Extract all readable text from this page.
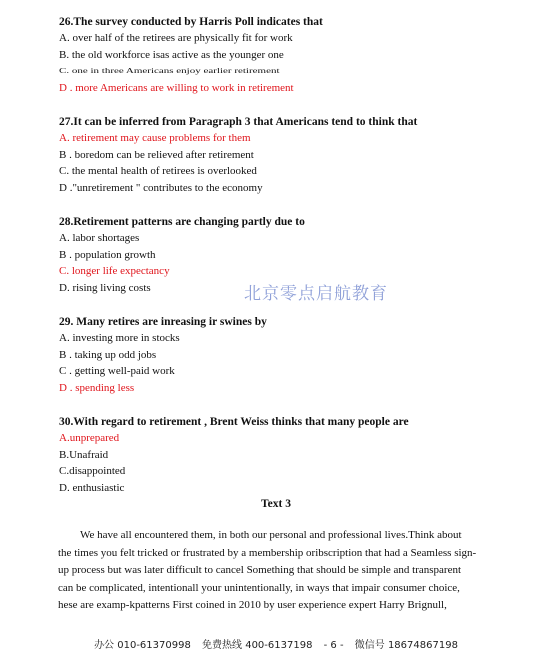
26.The survey conducted by Harris Poll indicates that
A. over half of the retirees are physically fit for work
B. the old workforce isas active as the younger one
C. one in three Americans enjoy earlier retirement
D . more Americans are willing to work in retirement
27.It can be inferred from Paragraph 3 that Americans tend to think that
A. retirement may cause problems for them
B . boredom can be relieved after retirement
C. the mental health of retirees is overlooked
D ."unretirement " contributes to the economy
28.Retirement patterns are changing partly due to
A. labor shortages
B . population growth
C. longer life expectancy
D. rising living costs	北京零点启航教育
29. Many retires are inreasing ir swines by
A. investing more in stocks
B . taking up odd jobs
C . getting well-paid work
D . spending less
30.With regard to retirement , Brent Weiss thinks that many people are
A.unprepared
B.Unafraid
C.disappointed
D. enthusiastic
Text 3
We have all encountered them, in both our personal and professional lives.Think about
the times you felt tricked or frustrated by a membership oribscription that had a Seamless sign-
up process but was later difficult to cancel Something that should be simple and transparent
can be complicated, intentionall your unintentionally, in ways that impair consumer choice,
hese are examp-kpatterns First coined in 2010 by user experience expert Harry Brignull,
办公 010-61370998 免费热线 400-6137198 - 6 - 微信号 18674867198
